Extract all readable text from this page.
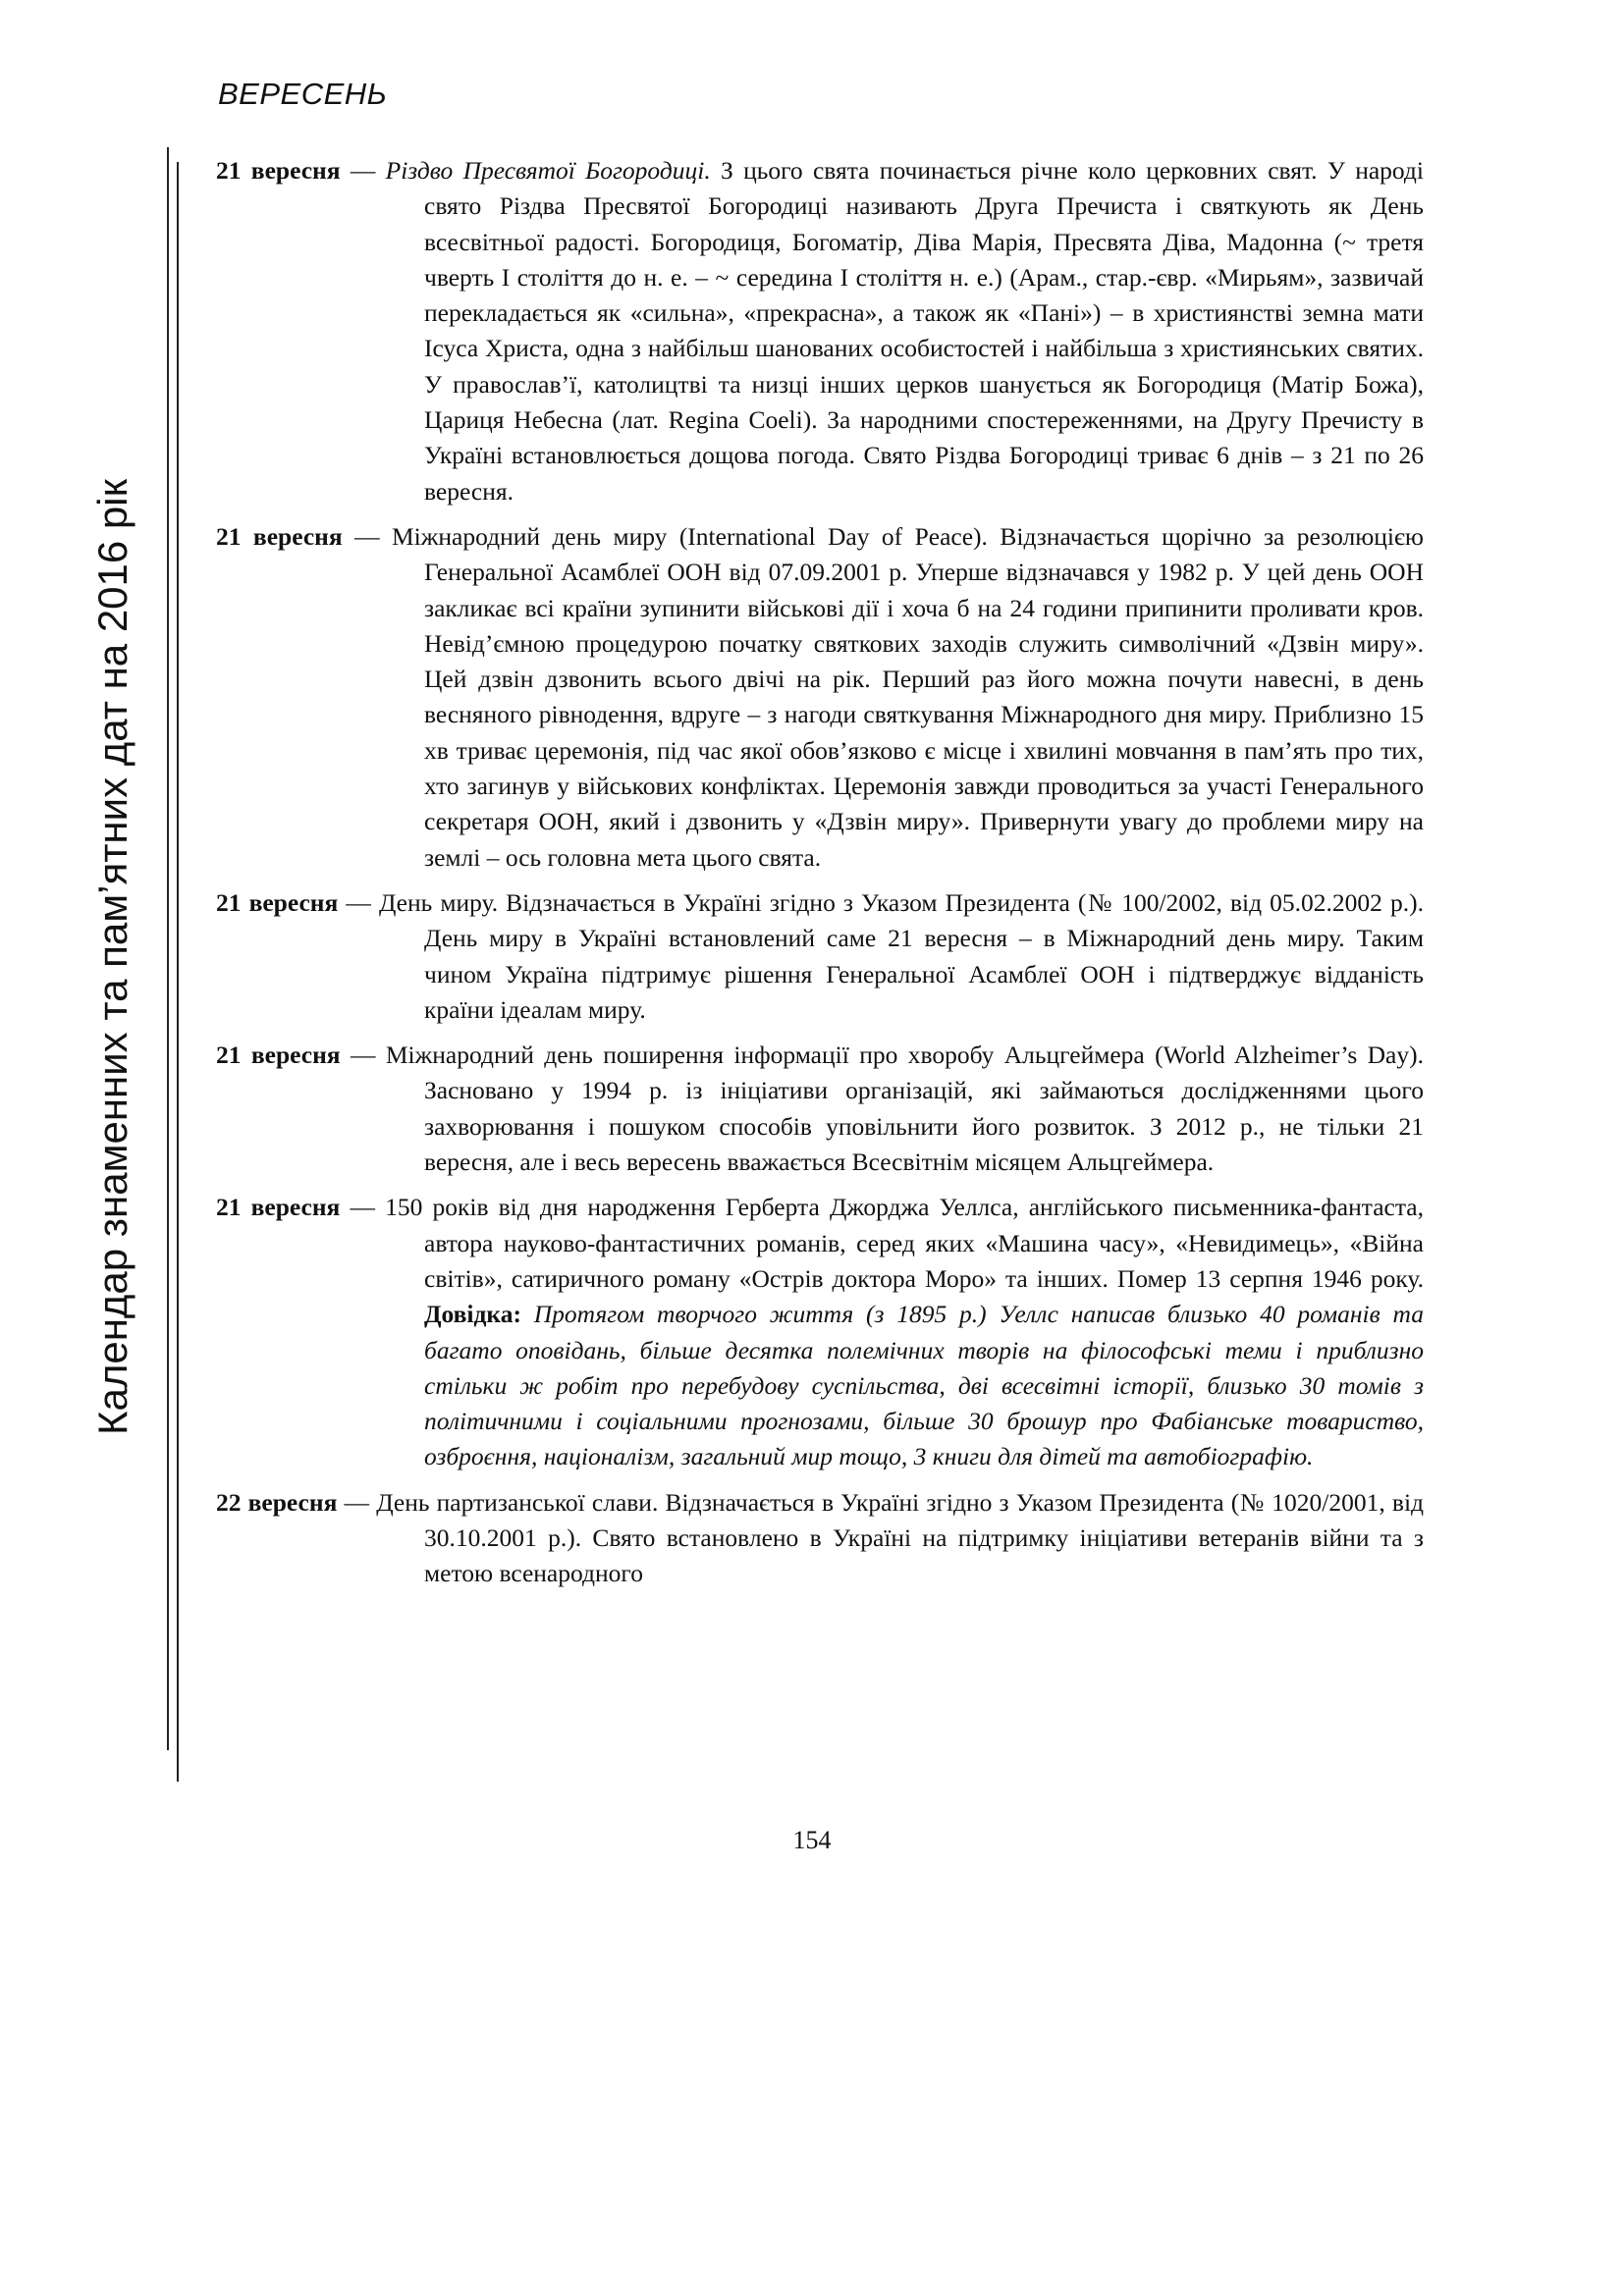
ВЕРЕСЕНЬ
Календар знаменних та пам’ятних дат на 2016 рік

21 вересня — Різдво Пресвятої Богородиці. З цього свята починається річне коло церковних свят. У народі свято Різдва Пресвятої Богородиці називають Друга Пречиста і святкують як День всесвітньої радості. Богородиця, Богоматір, Діва Марія, Пресвята Діва, Мадонна (~ третя чверть I століття до н. е. – ~ середина I століття н. е.) (Арам., стар.-євр. «Мирьям», зазвичай перекладається як «сильна», «прекрасна», а також як «Пані») – в християнстві земна мати Ісуса Христа, одна з найбільш шанованих особистостей і найбільша з християнських святих. У православ’ї, католицтві та низці інших церков шанується як Богородиця (Матір Божа), Цариця Небесна (лат. Regina Coeli). За народними спостереженнями, на Другу Пречисту в Україні встановлюється дощова погода. Свято Різдва Богородиці триває 6 днів – з 21 по 26 вересня.

21 вересня — Міжнародний день миру (International Day of Peace). Відзначається щорічно за резолюцією Генеральної Асамблеї ООН від 07.09.2001 р. Уперше відзначався у 1982 р. У цей день ООН закликає всі країни зупинити військові дії і хоча б на 24 години припинити проливати кров. Невід’ємною процедурою початку святкових заходів служить символічний «Дзвін миру». Цей дзвін дзвонить всього двічі на рік. Перший раз його можна почути навесні, в день весняного рівнодення, вдруге – з нагоди святкування Міжнародного дня миру. Приблизно 15 хв триває церемонія, під час якої обов’язково є місце і хвилині мовчання в пам’ять про тих, хто загинув у військових конфліктах. Церемонія завжди проводиться за участі Генерального секретаря ООН, який і дзвонить у «Дзвін миру». Привернути увагу до проблеми миру на землі – ось головна мета цього свята.

21 вересня — День миру. Відзначається в Україні згідно з Указом Президента (№ 100/2002, від 05.02.2002 р.). День миру в Україні встановлений саме 21 вересня – в Міжнародний день миру. Таким чином Україна підтримує рішення Генеральної Асамблеї ООН і підтверджує відданість країни ідеалам миру.

21 вересня — Міжнародний день поширення інформації про хворобу Альцгеймера (World Alzheimer’s Day). Засновано у 1994 р. із ініціативи організацій, які займаються дослідженнями цього захворювання і пошуком способів уповільнити його розвиток. З 2012 р., не тільки 21 вересня, але і весь вересень вважається Всесвітнім місяцем Альцгеймера.

21 вересня — 150 років від дня народження Герберта Джорджа Уеллса, англійського письменника-фантаста, автора науково-фантастичних романів, серед яких «Машина часу», «Невидимець», «Війна світів», сатиричного роману «Острів доктора Моро» та інших. Помер 13 серпня 1946 року. Довідка: Протягом творчого життя (з 1895 р.) Уеллс написав близько 40 романів та багато оповідань, більше десятка полемічних творів на філософські теми і приблизно стільки ж робіт про перебудову суспільства, дві всесвітні історії, близько 30 томів з політичними і соціальними прогнозами, більше 30 брошур про Фабіанське товариство, озброєння, націоналізм, загальний мир тощо, 3 книги для дітей та автобіографію.

22 вересня — День партизанської слави. Відзначається в Україні згідно з Указом Президента (№ 1020/2001, від 30.10.2001 р.). Свято встановлено в Україні на підтримку ініціативи ветеранів війни та з метою всенародного

154
